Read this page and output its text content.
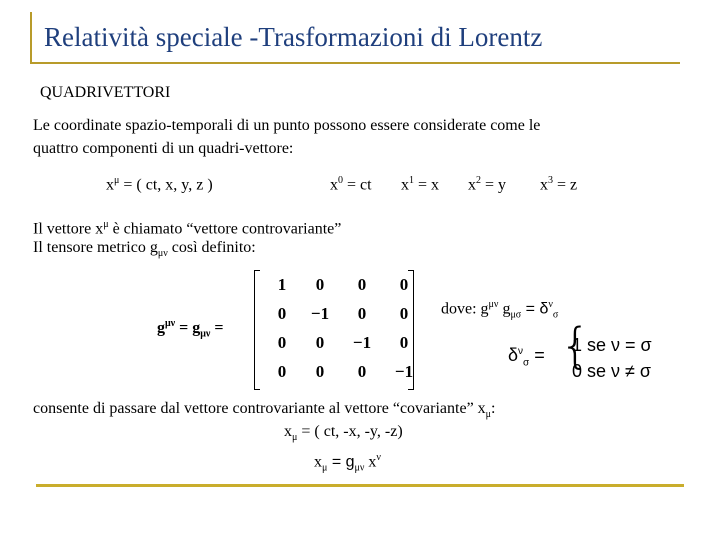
Relatività speciale -Trasformazioni di Lorentz
QUADRIVETTORI
Le coordinate spazio-temporali di un punto possono essere considerate come le
quattro componenti di un quadri-vettore:
$x^\mu$ = ( ct, x, y, z )	$x^0$ = ct $x^1 = x$ $x^2 = y$ $x^3 = z$
Il vettore $x^\mu$ è chiamato “vettore controvariante”
Il tensore metrico $g_{\mu\nu}$ così definito:
$g^{\mu\nu} = g_{\mu\nu}$ =
1	0	0	0
0	−1	0	0
0	0	−1	0
0	0	0	−1
dove: $g^{\mu\nu}$ $g_{\mu\sigma} = \delta^\nu_\sigma$
$\delta^\nu_\sigma$ = {
1 se ν = σ
0 se ν ≠ σ
consente di passare dal vettore controvariante al vettore “covariante” $x_\mu$:
$x_\mu$ = ( ct, -x, -y, -z)
$x_\mu = g_{\mu\nu}$ $x^\nu$
